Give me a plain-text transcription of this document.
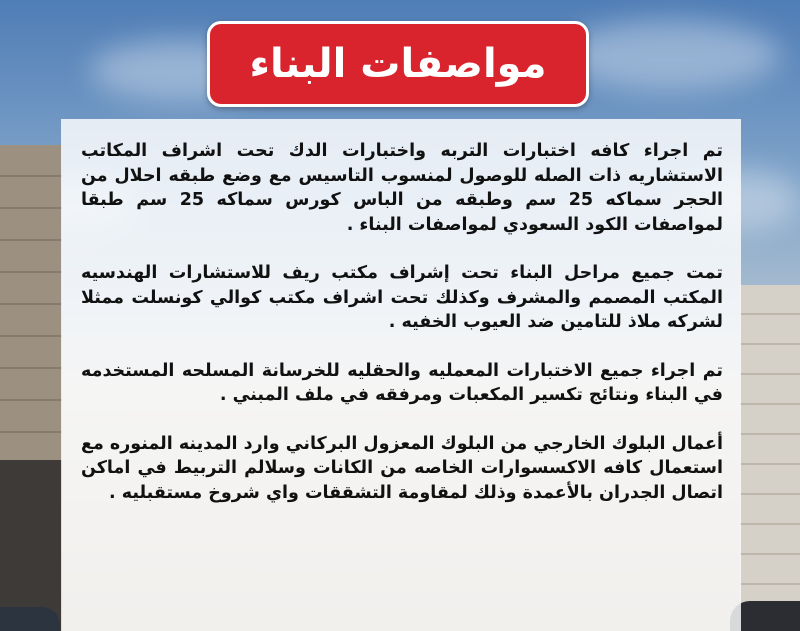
مواصفات البناء

تم اجراء كافه اختبارات التربه واختبارات الدك تحت اشراف المكاتب الاستشاريه ذات الصله للوصول لمنسوب التاسيس مع وضع طبقه احلال من الحجر سماكه 25 سم وطبقه من الباس كورس سماكه 25 سم طبقا لمواصفات الكود السعودي لمواصفات البناء .

تمت جميع مراحل البناء تحت إشراف مكتب ريف للاستشارات الهندسيه المكتب المصمم والمشرف وكذلك تحت اشراف مكتب كوالي كونسلت ممثلا لشركه ملاذ للتامين ضد العيوب الخفيه .

تم اجراء جميع الاختبارات المعمليه والحقليه للخرسانة المسلحه المستخدمه في البناء ونتائج تكسير المكعبات ومرفقه في ملف المبني .

أعمال البلوك الخارجي من البلوك المعزول البركاني وارد المدينه المنوره مع استعمال كافه الاكسسوارات الخاصه من الكانات وسلالم التربيط في اماكن اتصال الجدران بالأعمدة وذلك لمقاومة التشققات واي شروخ مستقبليه .
